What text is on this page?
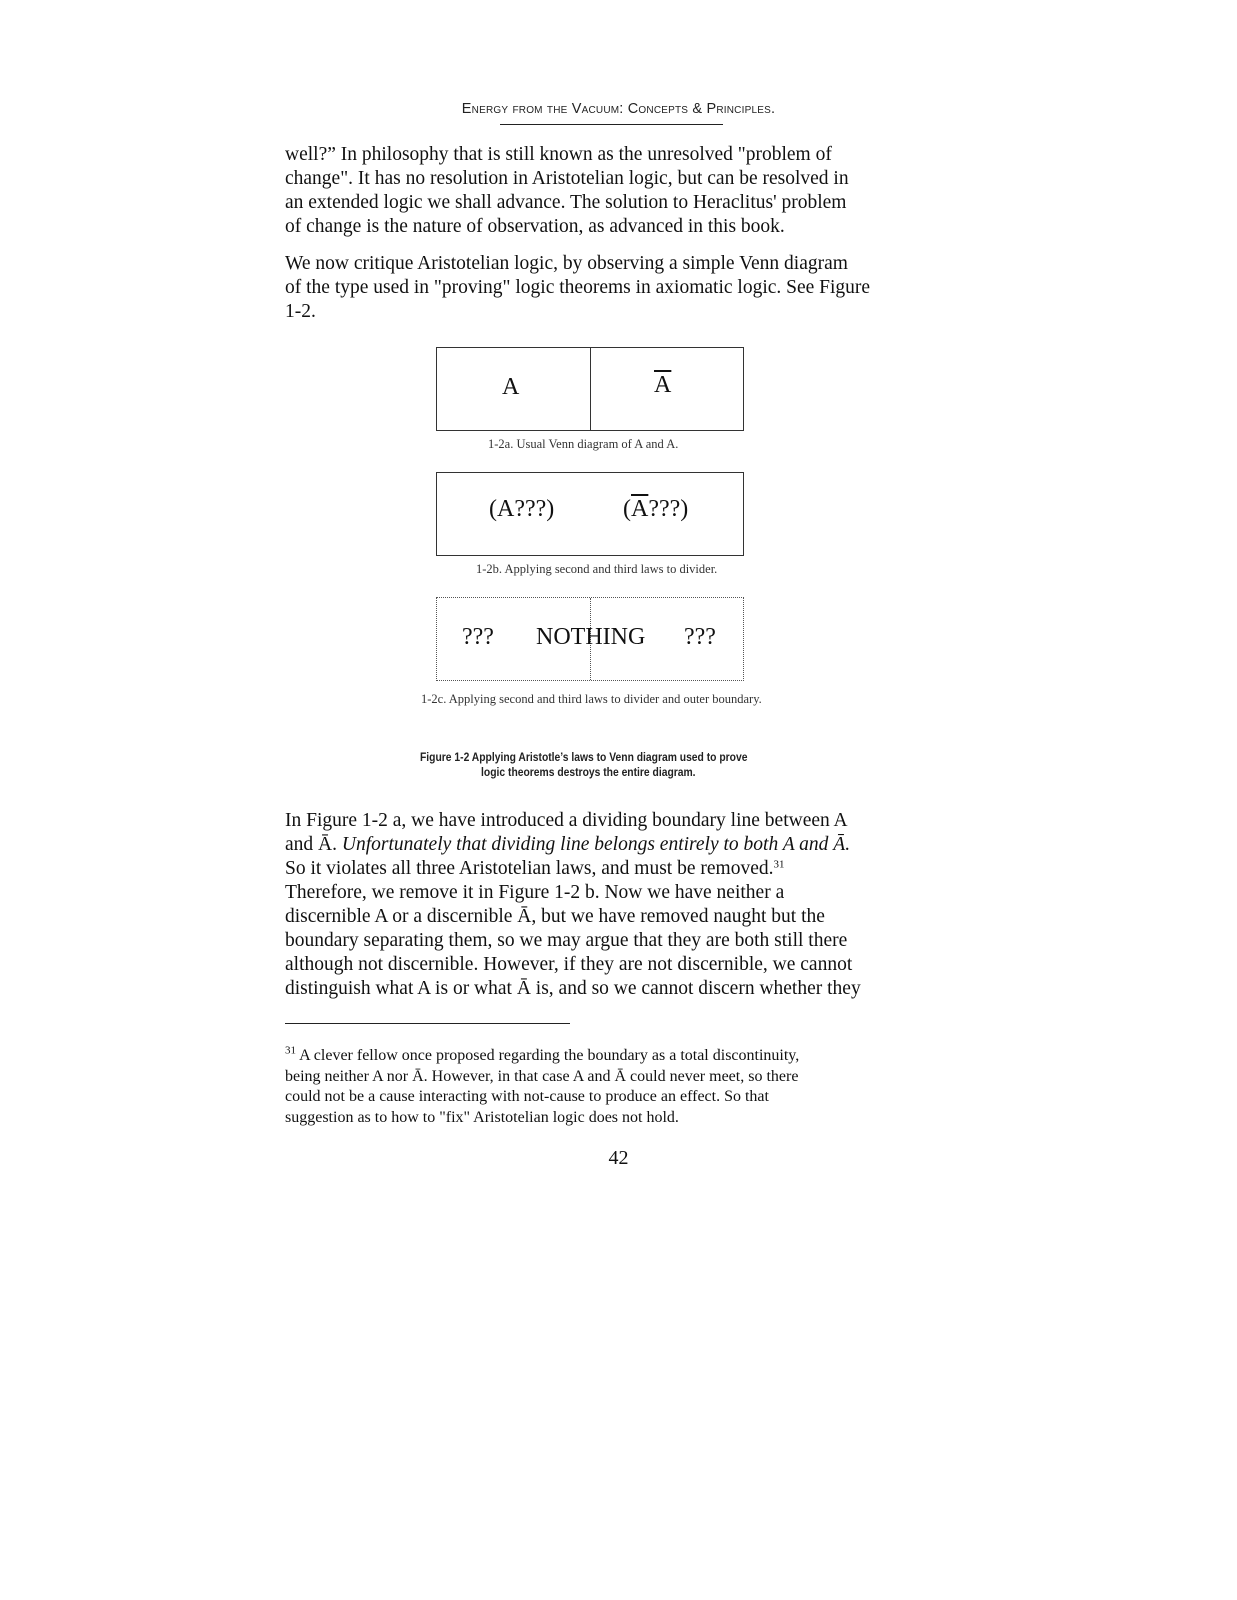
Energy from the Vacuum: Concepts & Principles.

well?” In philosophy that is still known as the unresolved "problem of
change". It has no resolution in Aristotelian logic, but can be resolved in
an extended logic we shall advance. The solution to Heraclitus' problem
of change is the nature of observation, as advanced in this book.

We now critique Aristotelian logic, by observing a simple Venn diagram
of the type used in "proving" logic theorems in axiomatic logic. See Figure
1-2.

A	$\overline{A}$
1-2a. Usual Venn diagram of A and A.
(A???)	$(\overline{A}???)$
1-2b. Applying second and third laws to divider.
??? NOTHING ???
1-2c. Applying second and third laws to divider and outer boundary.
Figure 1-2 Applying Aristotle’s laws to Venn diagram used to prove
logic theorems destroys the entire diagram.

In Figure 1-2 a, we have introduced a dividing boundary line between A
and Ā. Unfortunately that dividing line belongs entirely to both A and Ā.
So it violates all three Aristotelian laws, and must be removed.$^{31}$
Therefore, we remove it in Figure 1-2 b. Now we have neither a
discernible A or a discernible Ā, but we have removed naught but the
boundary separating them, so we may argue that they are both still there
although not discernible. However, if they are not discernible, we cannot
distinguish what A is or what Ā is, and so we cannot discern whether they

$^{31}$ A clever fellow once proposed regarding the boundary as a total discontinuity,
being neither A nor Ā. However, in that case A and Ā could never meet, so there
could not be a cause interacting with not-cause to produce an effect. So that
suggestion as to how to "fix" Aristotelian logic does not hold.

42
